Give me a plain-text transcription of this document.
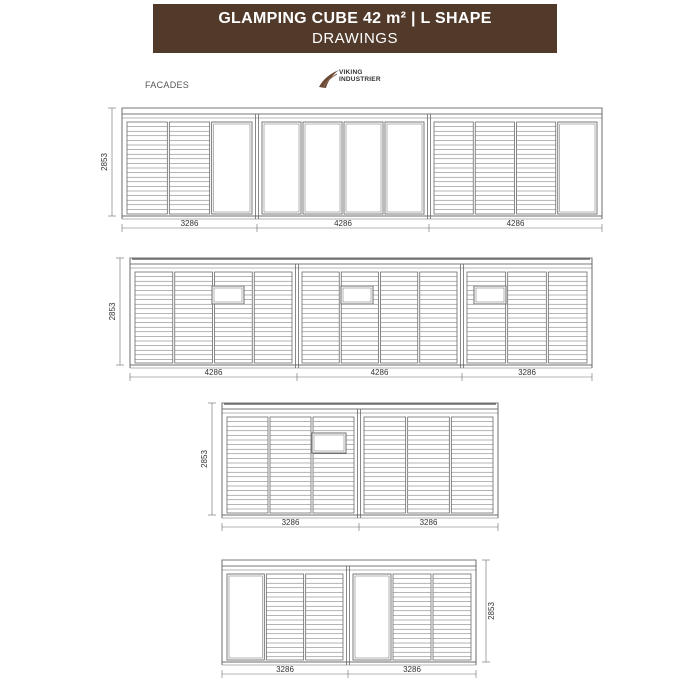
GLAMPING CUBE 42 m² | L SHAPE
DRAWINGS
FACADES
VIKING
INDUSTRIER
3286	4286	4286
2853
4286	4286	3286
2853
3286	3286
2853
3286	3286
2853
